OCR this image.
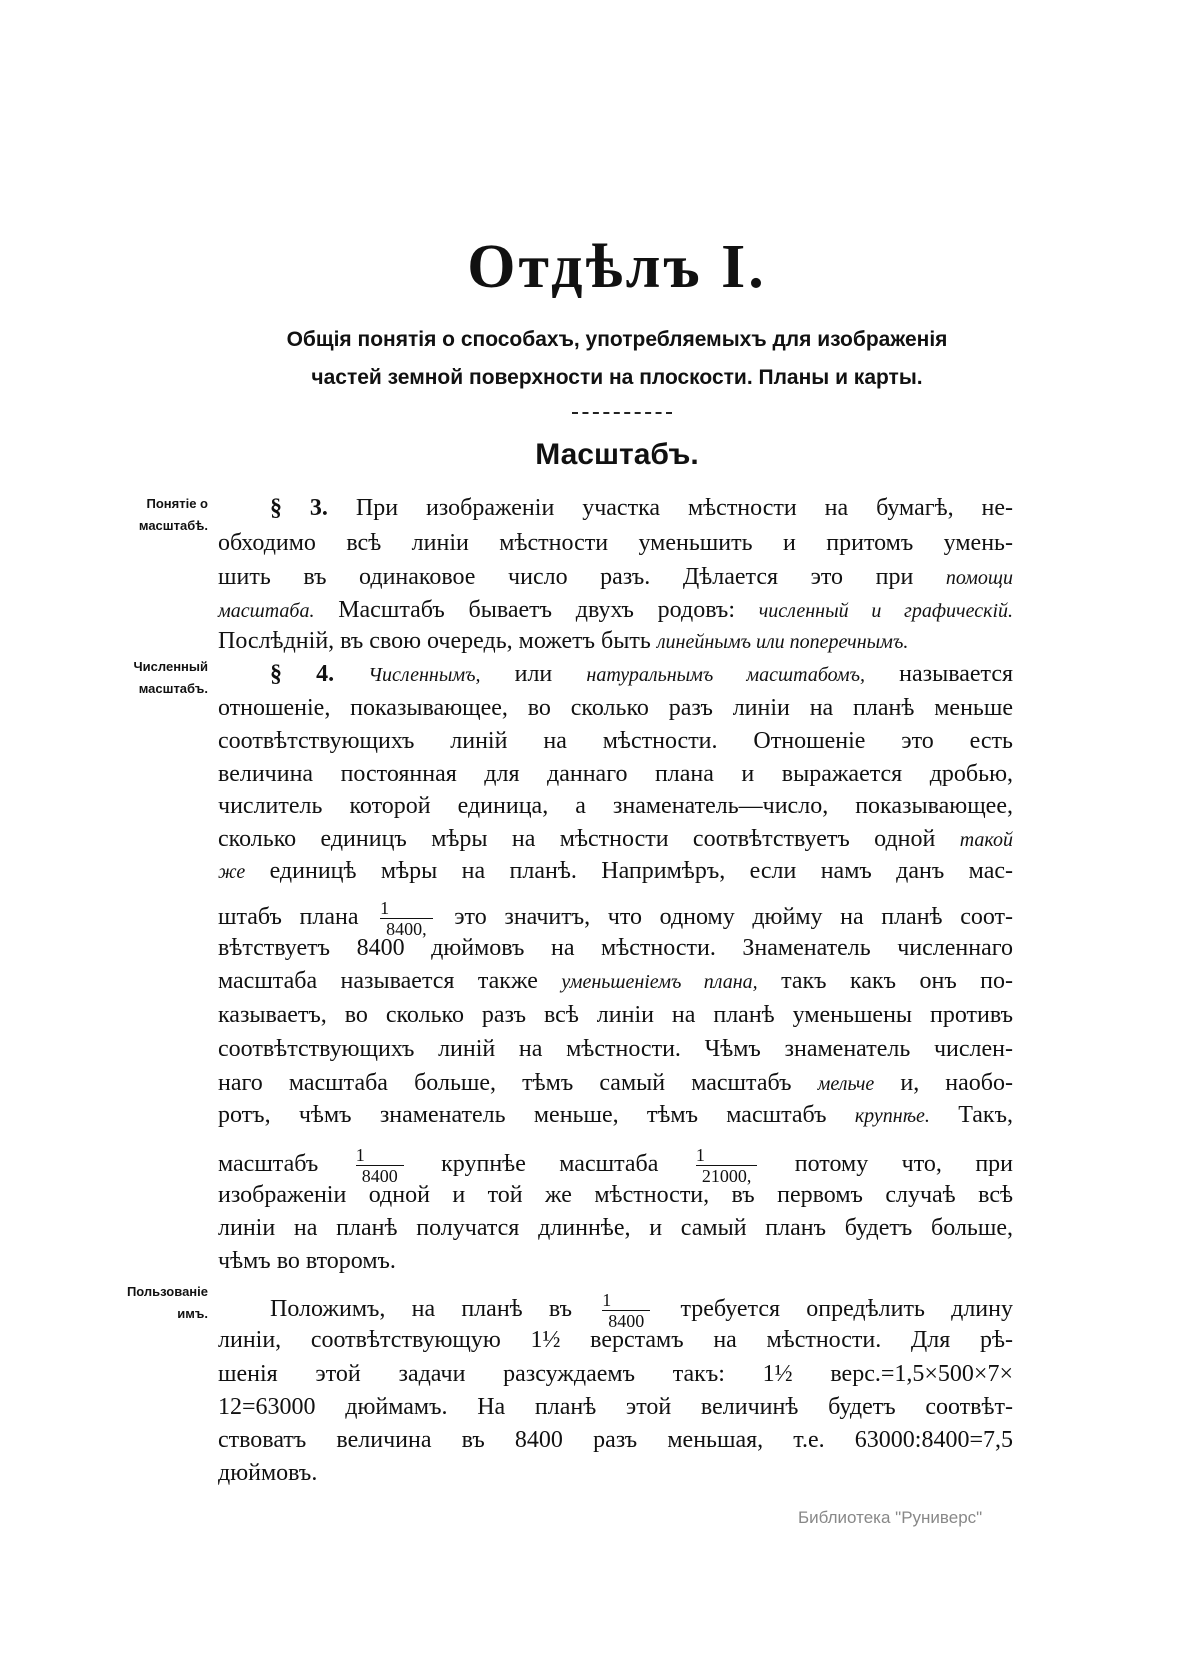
Отдѣлъ I.
Общія понятія о способахъ, употребляемыхъ для изображенія
частей земной поверхности на плоскости. Планы и карты.
Масштабъ.
Понятіе о
масштабѣ.
Численный
масштабъ.
Пользованіе
имъ.
§ 3. При изображеніи участка мѣстности на бумагѣ, не-
обходимо всѣ линіи мѣстности уменьшить и притомъ умень-
шить въ одинаковое число разъ. Дѣлается это при помощи
масштаба. Масштабъ бываетъ двухъ родовъ: численный и графическій.
Послѣдній, въ свою очередь, можетъ быть линейнымъ или поперечнымъ.
§ 4. Численнымъ, или натуральнымъ масштабомъ, называется
отношеніе, показывающее, во сколько разъ линіи на планѣ меньше
соотвѣтствующихъ линій на мѣстности. Отношеніе это есть
величина постоянная для даннаго плана и выражается дробью,
числитель которой единица, а знаменатель—число, показывающее,
сколько единицъ мѣры на мѣстности соотвѣтствуетъ одной такой
же единицѣ мѣры на планѣ. Напримѣръ, если намъ данъ мас-
штабъ плана $\frac{1}{8400,}$ это значитъ, что одному дюйму на планѣ соот-
вѣтствуетъ 8400 дюймовъ на мѣстности. Знаменатель численнаго
масштаба называется также уменьшеніемъ плана, такъ какъ онъ по-
казываетъ, во сколько разъ всѣ линіи на планѣ уменьшены противъ
соотвѣтствующихъ линій на мѣстности. Чѣмъ знаменатель числен-
наго масштаба больше, тѣмъ самый масштабъ мельче и, наобо-
ротъ, чѣмъ знаменатель меньше, тѣмъ масштабъ крупнѣе. Такъ,
масштабъ $\frac{1}{8400}$ крупнѣе масштаба $\frac{1}{21000,}$ потому что, при
изображеніи одной и той же мѣстности, въ первомъ случаѣ всѣ
линіи на планѣ получатся длиннѣе, и самый планъ будетъ больше,
чѣмъ во второмъ.
Положимъ, на планѣ въ $\frac{1}{8400}$ требуется опредѣлить длину
линіи, соотвѣтствующую 1½ верстамъ на мѣстности. Для рѣ-
шенія этой задачи разсуждаемъ такъ: 1½ верс.=1,5×500×7×
12=63000 дюймамъ. На планѣ этой величинѣ будетъ соотвѣт-
ствоватъ величина въ 8400 разъ меньшая, т.е. 63000:8400=7,5
дюймовъ.
Библиотека "Руниверс"
